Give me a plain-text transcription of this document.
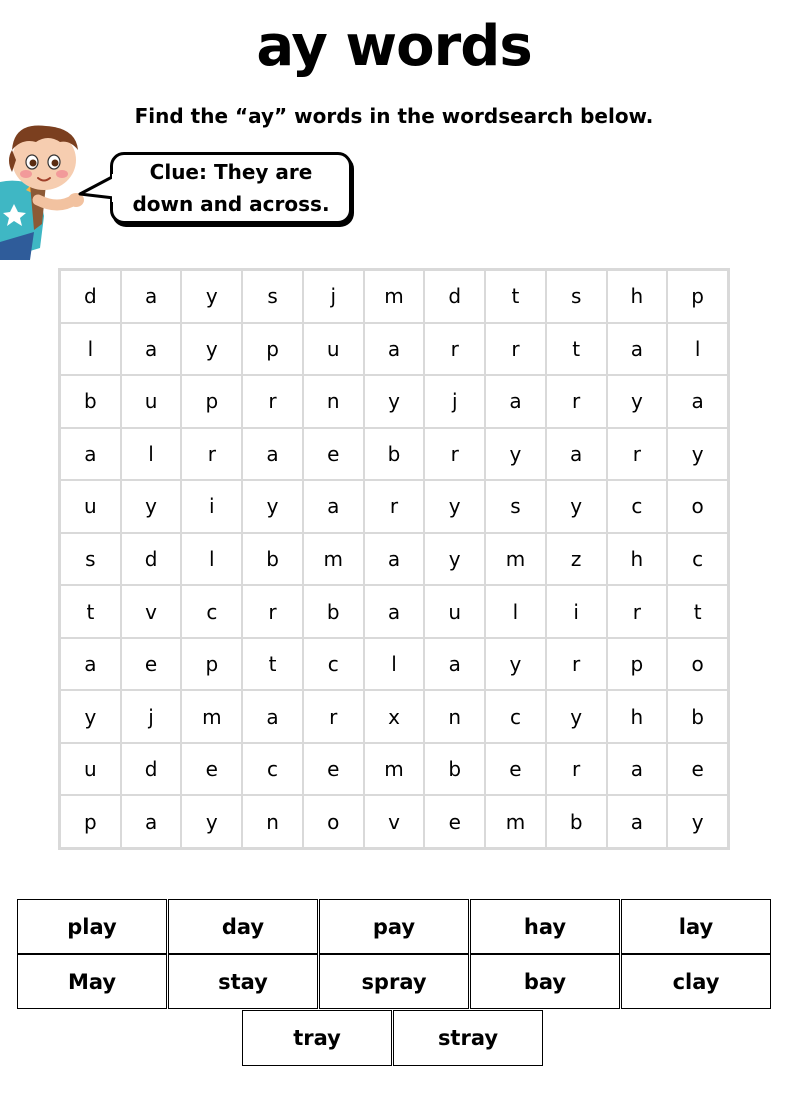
ay words
Find the “ay” words in the wordsearch below.
Clue: They are
down and across.
d	a	y	s	j	m	d	t	s	h	p
l	a	y	p	u	a	r	r	t	a	l
b	u	p	r	n	y	j	a	r	y	a
a	l	r	a	e	b	r	y	a	r	y
u	y	i	y	a	r	y	s	y	c	o
s	d	l	b	m	a	y	m	z	h	c
t	v	c	r	b	a	u	l	i	r	t
a	e	p	t	c	l	a	y	r	p	o
y	j	m	a	r	x	n	c	y	h	b
u	d	e	c	e	m	b	e	r	a	e
p	a	y	n	o	v	e	m	b	a	y
play	day	pay	hay	lay
May	stay	spray	bay	clay
tray	stray
